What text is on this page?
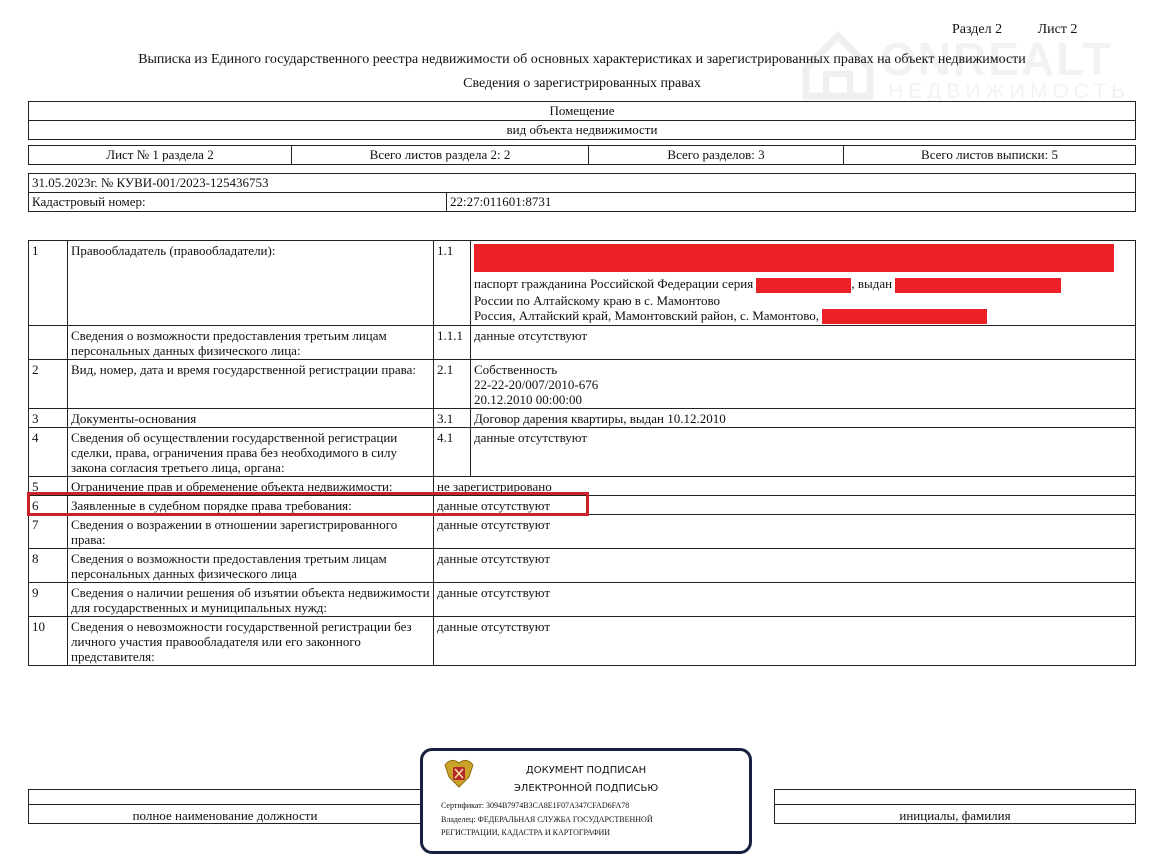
Раздел 2	Лист 2
ONREALT
НЕДВИЖИМОСТЬ
Выписка из Единого государственного реестра недвижимости об основных характеристиках и зарегистрированных правах на объект недвижимости
Сведения о зарегистрированных правах
Помещение
вид объекта недвижимости
Лист № 1 раздела 2	Всего листов раздела 2: 2	Всего разделов: 3	Всего листов выписки: 5
31.05.2023г. № КУВИ-001/2023-125436753
Кадастровый номер:	22:27:011601:8731
1	Правообладатель (правообладатели):	1.1	паспорт гражданина Российской Федерации серия , выдан
России по Алтайскому краю в с. Мамонтово
Россия, Алтайский край, Мамонтовский район, с. Мамонтово,

	Сведения о возможности предоставления третьим лицам персональных данных физического лица:	1.1.1	данные отсутствуют
2	Вид, номер, дата и время государственной регистрации права:	2.1	Собственность
22-22-20/007/2010-676
20.12.2010 00:00:00

3	Документы-основания	3.1	Договор дарения квартиры, выдан 10.12.2010
4	Сведения об осуществлении государственной регистрации сделки, права, ограничения права без необходимого в силу закона согласия третьего лица, органа:	4.1	данные отсутствуют
5	Ограничение прав и обременение объекта недвижимости:	не зарегистрировано	
6	Заявленные в судебном порядке права требования:	данные отсутствуют	
7	Сведения о возражении в отношении зарегистрированного права:	данные отсутствуют	
8	Сведения о возможности предоставления третьим лицам персональных данных физического лица	данные отсутствуют	
9	Сведения о наличии решения об изъятии объекта недвижимости для государственных и муниципальных нужд:	данные отсутствуют	
10	Сведения о невозможности государственной регистрации без личного участия правообладателя или его законного представителя:	данные отсутствуют	

полное наименование должности		инициалы, фамилия
ДОКУМЕНТ ПОДПИСАН
ЭЛЕКТРОННОЙ ПОДПИСЬЮ
Сертификат: 3094B7974B3CA8E1F07A347CFAD6FA78
Владелец: ФЕДЕРАЛЬНАЯ СЛУЖБА ГОСУДАРСТВЕННОЙ
РЕГИСТРАЦИИ, КАДАСТРА И КАРТОГРАФИИ
